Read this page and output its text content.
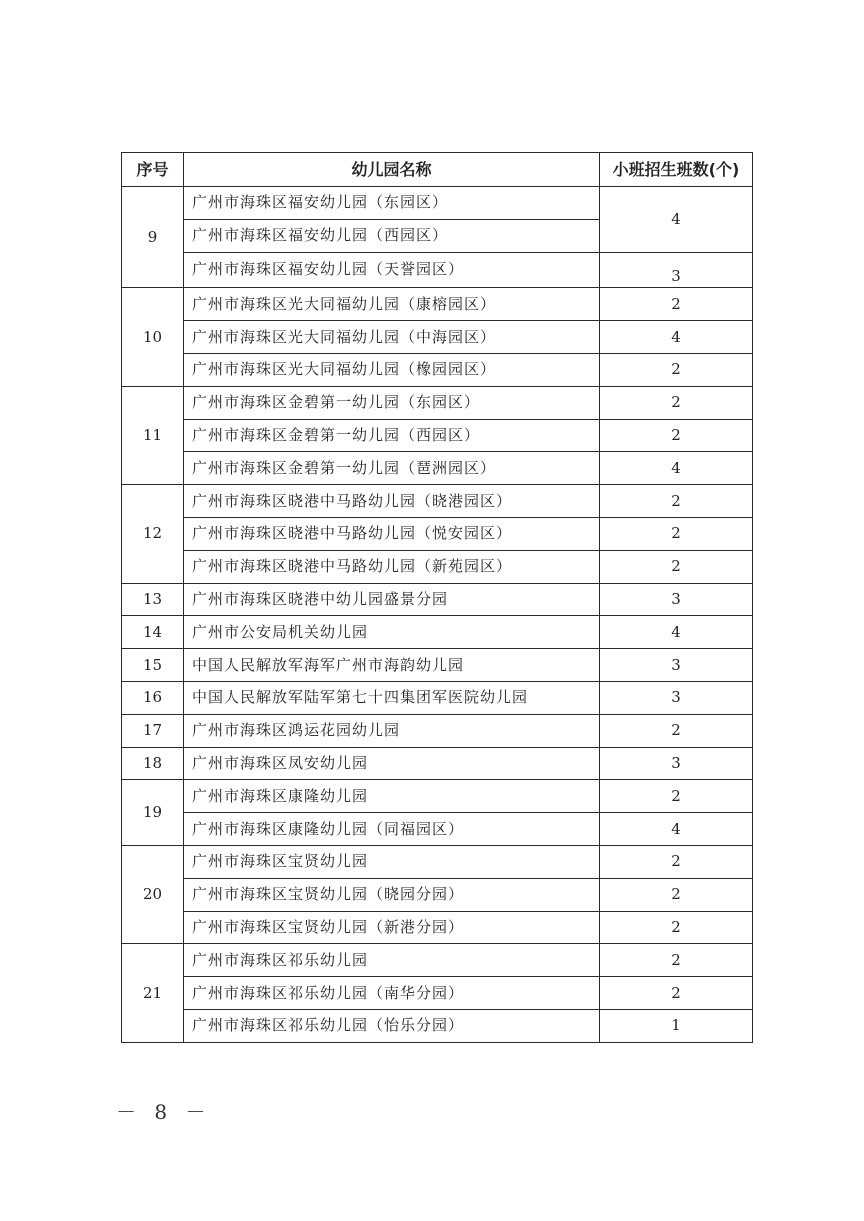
序号	幼儿园名称	小班招生班数(个)
9	广州市海珠区福安幼儿园（东园区）	4
	广州市海珠区福安幼儿园（西园区）	
	广州市海珠区福安幼儿园（天誉园区）	3
10	广州市海珠区光大同福幼儿园（康榕园区）	2
	广州市海珠区光大同福幼儿园（中海园区）	4
	广州市海珠区光大同福幼儿园（橡园园区）	2
11	广州市海珠区金碧第一幼儿园（东园区）	2
	广州市海珠区金碧第一幼儿园（西园区）	2
	广州市海珠区金碧第一幼儿园（琶洲园区）	4
12	广州市海珠区晓港中马路幼儿园（晓港园区）	2
	广州市海珠区晓港中马路幼儿园（悦安园区）	2
	广州市海珠区晓港中马路幼儿园（新苑园区）	2
13	广州市海珠区晓港中幼儿园盛景分园	3
14	广州市公安局机关幼儿园	4
15	中国人民解放军海军广州市海韵幼儿园	3
16	中国人民解放军陆军第七十四集团军医院幼儿园	3
17	广州市海珠区鸿运花园幼儿园	2
18	广州市海珠区凤安幼儿园	3
19	广州市海珠区康隆幼儿园	2
	广州市海珠区康隆幼儿园（同福园区）	4
20	广州市海珠区宝贤幼儿园	2
	广州市海珠区宝贤幼儿园（晓园分园）	2
	广州市海珠区宝贤幼儿园（新港分园）	2
21	广州市海珠区祁乐幼儿园	2
	广州市海珠区祁乐幼儿园（南华分园）	2
	广州市海珠区祁乐幼儿园（怡乐分园）	1
－ 8 －
